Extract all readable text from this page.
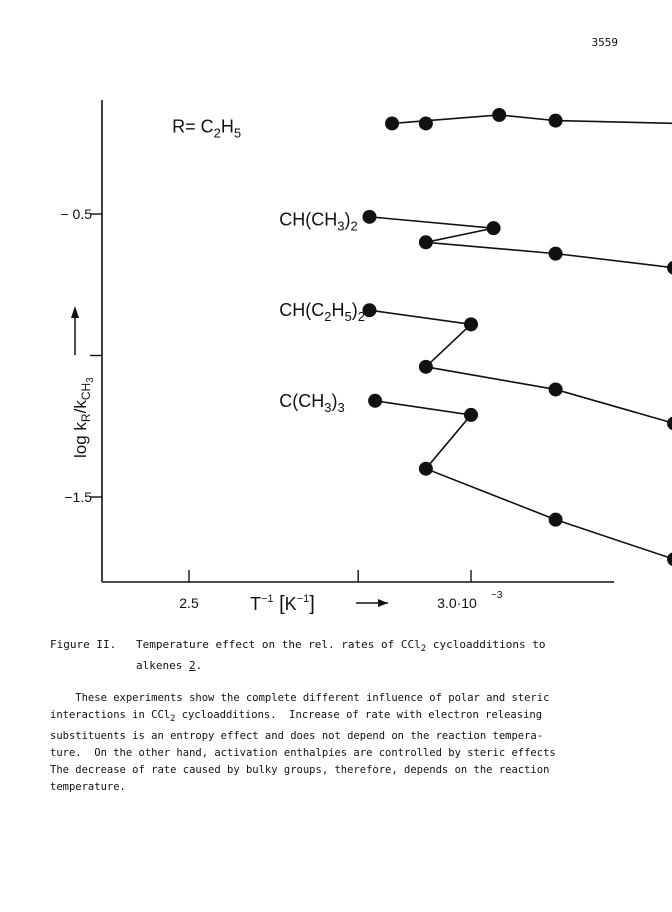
3559
− 0.5
−1.5
2.5	3.0·10 −3
$T^{-1}$ $[K^{-1}]$
$\log k_R/k_{CH}3$
$R= C_2H_5$
$CH(CH_3)_2$
$CH(C_2H_5)_2$
$C(CH_3)_3$
Figure II. Temperature effect on the rel. rates of CCl$_2$ cycloadditions to
alkenes 2.
These experiments show the complete different influence of polar and steric
interactions in CCl$_2$ cycloadditions.  Increase of rate with electron releasing
substituents is an entropy effect and does not depend on the reaction tempera-
ture.  On the other hand, activation enthalpies are controlled by steric effects
The decrease of rate caused by bulky groups, therefore, depends on the reaction
temperature.
